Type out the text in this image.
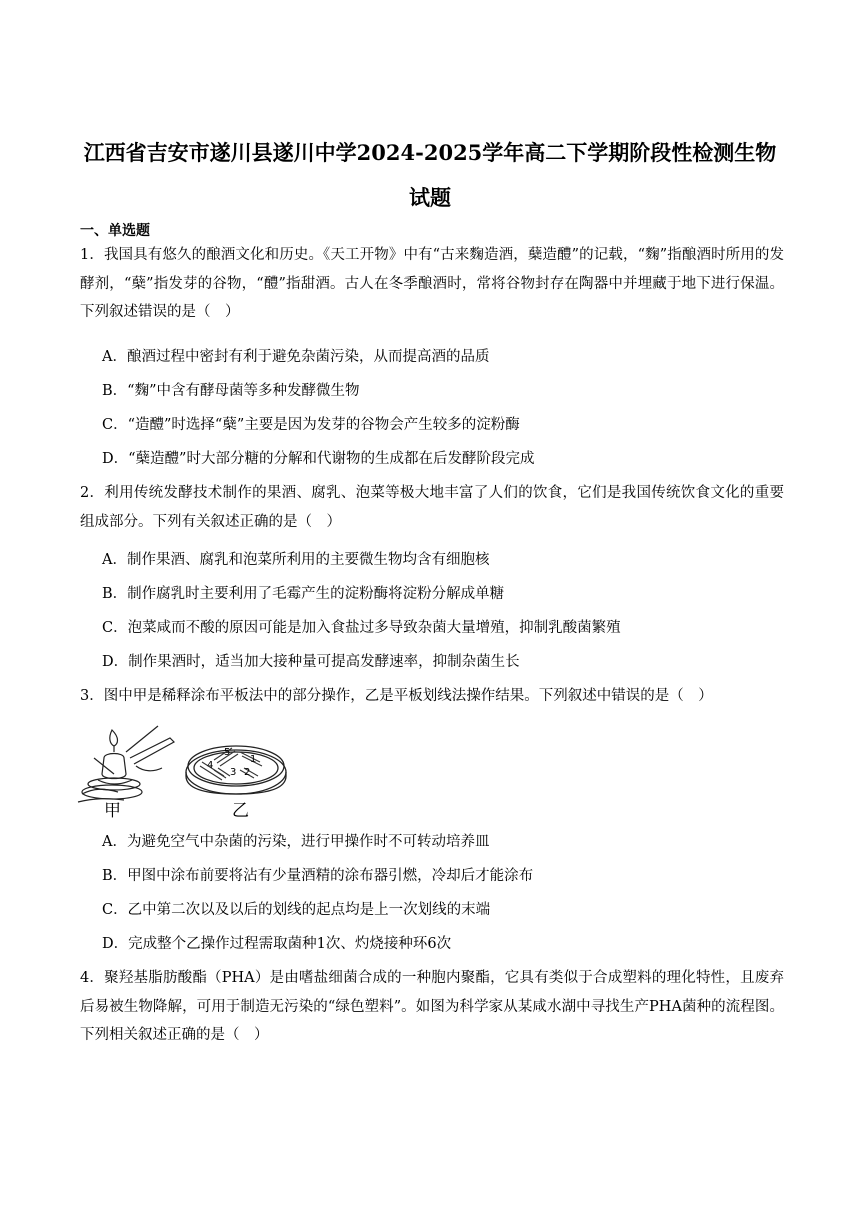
江西省吉安市遂川县遂川中学2024-2025学年高二下学期阶段性检测生物
试题
一、单选题
1．我国具有悠久的酿酒文化和历史。《天工开物》中有“古来麴造酒，蘖造醴”的记载，“麴”指酿酒时所用的发酵剂，“蘖”指发芽的谷物，“醴”指甜酒。古人在冬季酿酒时，常将谷物封存在陶器中并埋藏于地下进行保温。下列叙述错误的是（　）
A．酿酒过程中密封有利于避免杂菌污染，从而提高酒的品质
B．“麴”中含有酵母菌等多种发酵微生物
C．“造醴”时选择“蘖”主要是因为发芽的谷物会产生较多的淀粉酶
D．“蘖造醴”时大部分糖的分解和代谢物的生成都在后发酵阶段完成
2．利用传统发酵技术制作的果酒、腐乳、泡菜等极大地丰富了人们的饮食，它们是我国传统饮食文化的重要组成部分。下列有关叙述正确的是（　）
A．制作果酒、腐乳和泡菜所利用的主要微生物均含有细胞核
B．制作腐乳时主要利用了毛霉产生的淀粉酶将淀粉分解成单糖
C．泡菜咸而不酸的原因可能是加入食盐过多导致杂菌大量增殖，抑制乳酸菌繁殖
D．制作果酒时，适当加大接种量可提高发酵速率，抑制杂菌生长
3．图中甲是稀释涂布平板法中的部分操作，乙是平板划线法操作结果。下列叙述中错误的是（　）
甲
5
1
4
3 2
乙
A．为避免空气中杂菌的污染，进行甲操作时不可转动培养皿
B．甲图中涂布前要将沾有少量酒精的涂布器引燃，冷却后才能涂布
C．乙中第二次以及以后的划线的起点均是上一次划线的末端
D．完成整个乙操作过程需取菌种1次、灼烧接种环6次
4．聚羟基脂肪酸酯（PHA）是由嗜盐细菌合成的一种胞内聚酯，它具有类似于合成塑料的理化特性，且废弃后易被生物降解，可用于制造无污染的“绿色塑料”。如图为科学家从某咸水湖中寻找生产PHA菌种的流程图。下列相关叙述正确的是（　）
